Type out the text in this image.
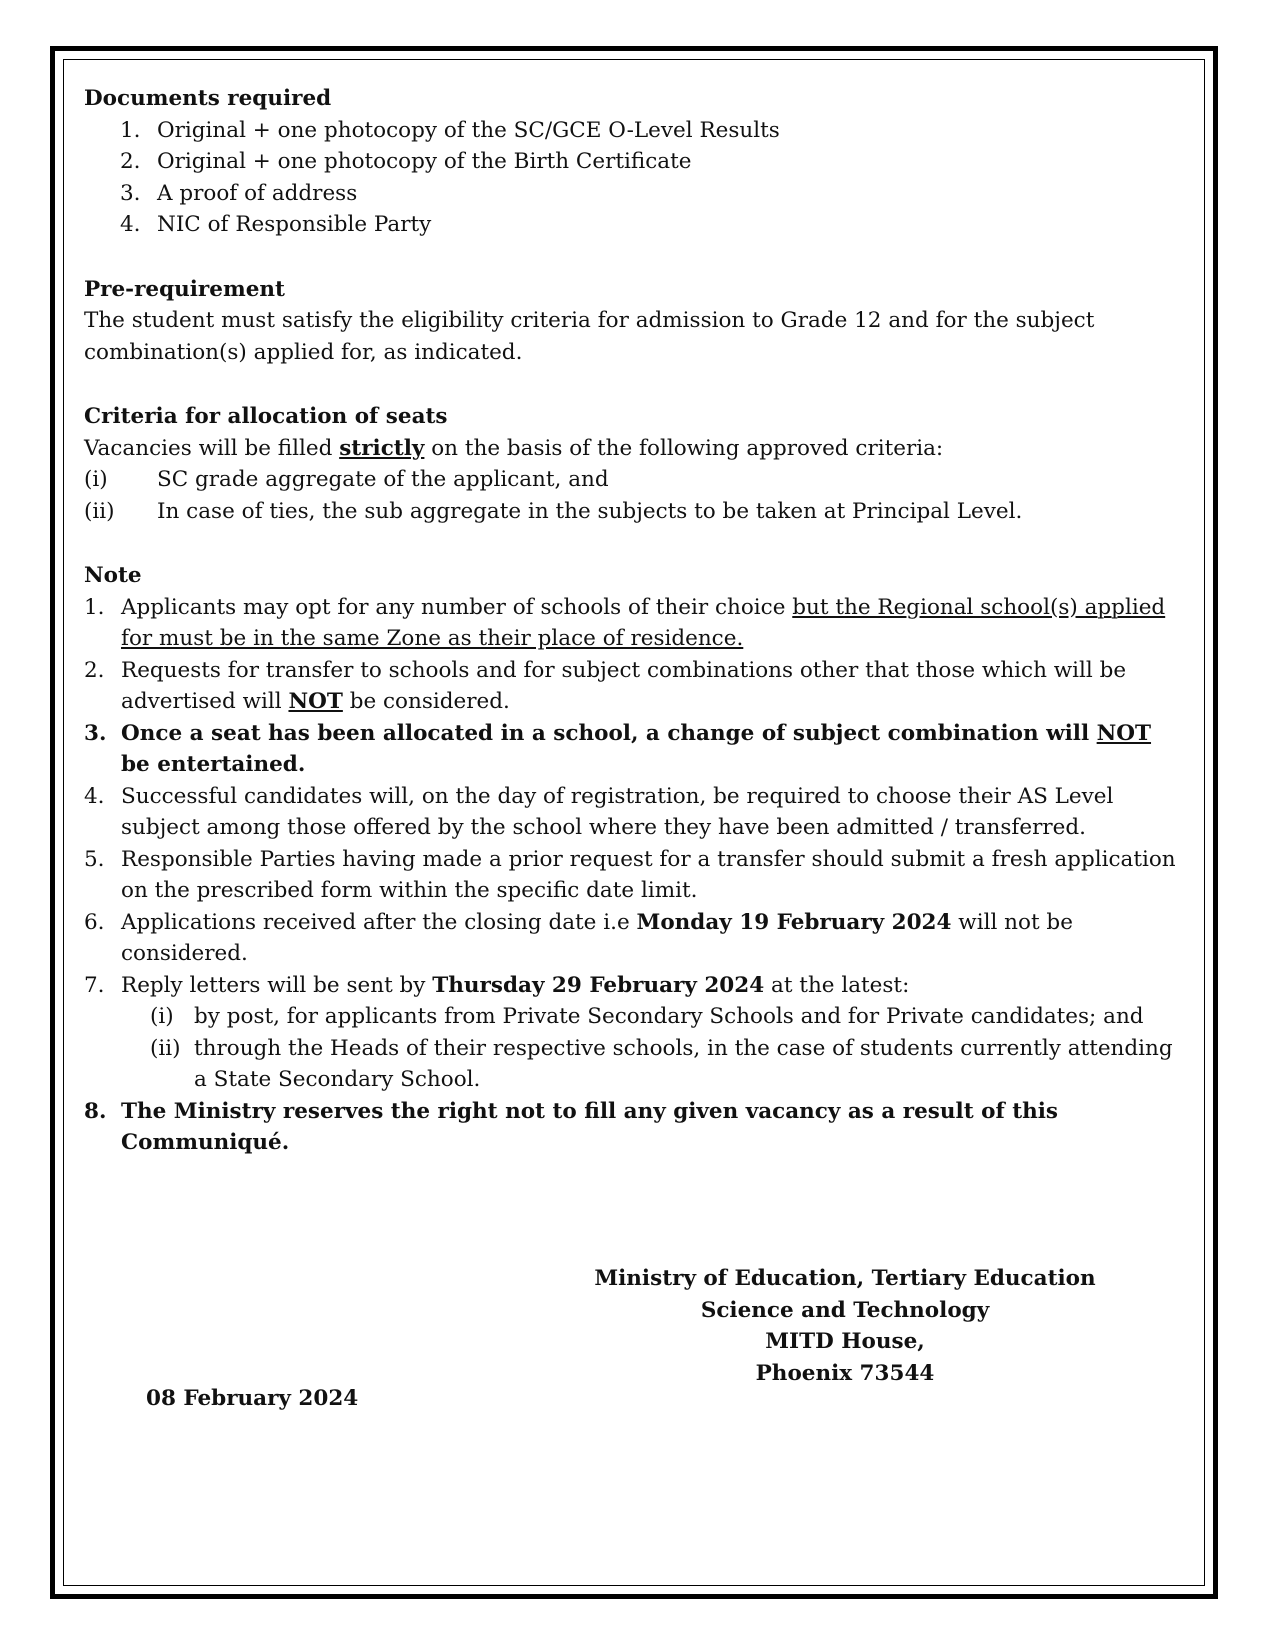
Documents required

1. Original + one photocopy of the SC/GCE O-Level Results
2. Original + one photocopy of the Birth Certificate
3. A proof of address
4. NIC of Responsible Party

Pre-requirement

The student must satisfy the eligibility criteria for admission to Grade 12 and for the subject
combination(s) applied for, as indicated.

Criteria for allocation of seats

Vacancies will be filled strictly on the basis of the following approved criteria:

(i) SC grade aggregate of the applicant, and
(ii) In case of ties, the sub aggregate in the subjects to be taken at Principal Level.

Note

1. Applicants may opt for any number of schools of their choice but the Regional school(s) applied for must be in the same Zone as their place of residence.
2. Requests for transfer to schools and for subject combinations other that those which will be advertised will NOT be considered.
3. Once a seat has been allocated in a school, a change of subject combination will NOT be entertained.
4. Successful candidates will, on the day of registration, be required to choose their AS Level subject among those offered by the school where they have been admitted / transferred.
5. Responsible Parties having made a prior request for a transfer should submit a fresh application on the prescribed form within the specific date limit.
6. Applications received after the closing date i.e Monday 19 February 2024 will not be considered.
7. Reply letters will be sent by Thursday 29 February 2024 at the latest:
(i) by post, for applicants from Private Secondary Schools and for Private candidates; and
(ii) through the Heads of their respective schools, in the case of students currently attending a State Secondary School.
8. The Ministry reserves the right not to fill any given vacancy as a result of this Communiqué.
Ministry of Education, Tertiary Education
Science and Technology
MITD House,
Phoenix 73544
08 February 2024
